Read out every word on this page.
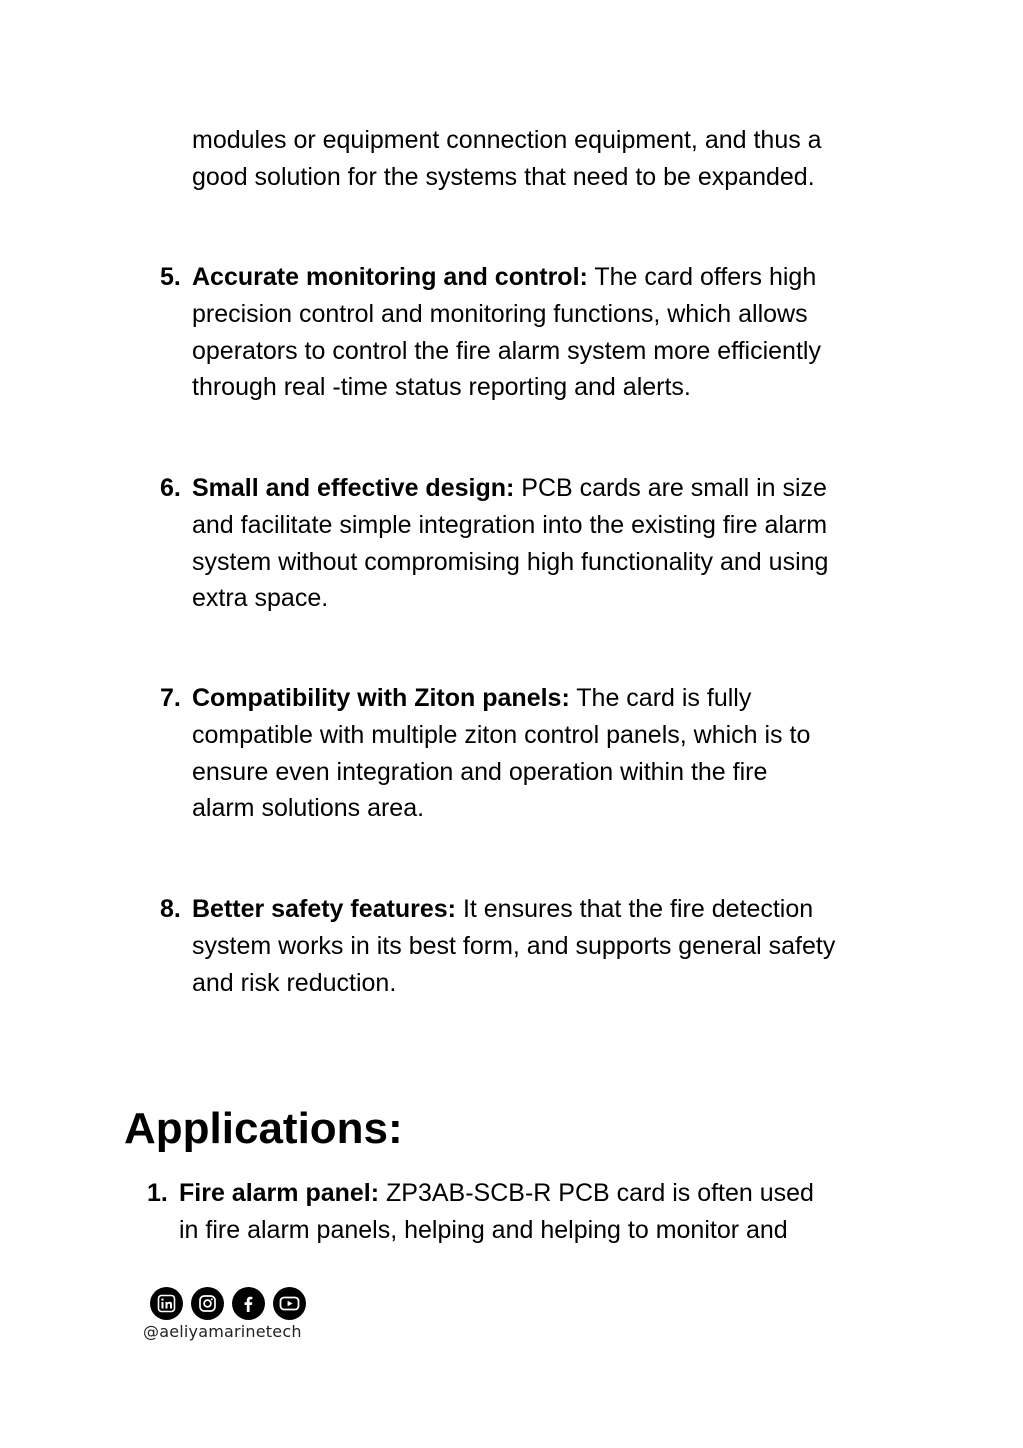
modules or equipment connection equipment, and thus a
good solution for the systems that need to be expanded.

5. Accurate monitoring and control: The card offers high
precision control and monitoring functions, which allows
operators to control the fire alarm system more efficiently
through real -time status reporting and alerts.
6. Small and effective design: PCB cards are small in size
and facilitate simple integration into the existing fire alarm
system without compromising high functionality and using
extra space.
7. Compatibility with Ziton panels: The card is fully
compatible with multiple ziton control panels, which is to
ensure even integration and operation within the fire
alarm solutions area.
8. Better safety features: It ensures that the fire detection
system works in its best form, and supports general safety
and risk reduction.
Applications:
1. Fire alarm panel: ZP3AB-SCB-R PCB card is often used
in fire alarm panels, helping and helping to monitor and
@aeliyamarinetech
